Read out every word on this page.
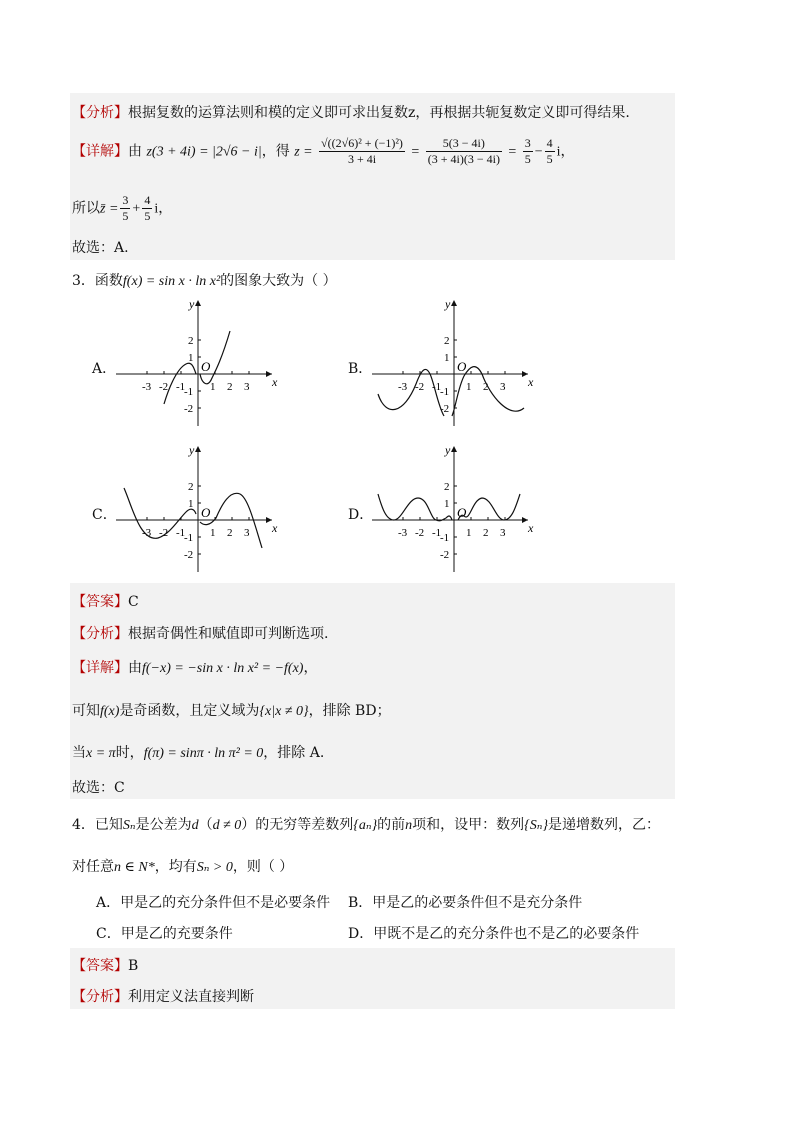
【分析】根据复数的运算法则和模的定义即可求出复数z，再根据共轭复数定义即可得结果.
【详解】由 z(3 + 4i) = |2√6 − i|，得 $z = \frac{\text{√((2√6)² + (−1)²)}}{3 + 4i} = \frac{5(3 - 4i)}{(3 + 4i)(3 - 4i)} = \frac{3}{5} - \frac{4}{5}$ i，
所以z̄ = $\frac{3}{5} + \frac{4}{5}$ i，
故选：A.
3．函数f(x) = sin x · ln x²的图象大致为（ ）
A．
y
x
O
-3 -2 -1 1 2 3
2
1
-1
-2
B．
y
x
O
-3 -2 -1 1 2 3
2
1
-1
-2
C．
y
x
O
-3 -2 -1 1 2 3
2
1
-1
-2
D．
y
x
O
-3 -2 -1 1 2 3
2
1
-1
-2
【答案】C
【分析】根据奇偶性和赋值即可判断选项.
【详解】由f(−x) = −sin x · ln x² = −f(x)，
可知f(x)是奇函数，且定义域为{x|x ≠ 0}，排除 BD；
当x = π时，f(π) = sinπ · ln π² = 0，排除 A.
故选：C
4．已知Sₙ是公差为d（d ≠ 0）的无穷等差数列{aₙ}的前n项和，设甲：数列{Sₙ}是递增数列，乙：
对任意n ∈ N*，均有Sₙ > 0，则（ ）
A．甲是乙的充分条件但不是必要条件 B．甲是乙的必要条件但不是充分条件
C．甲是乙的充要条件	D．甲既不是乙的充分条件也不是乙的必要条件
【答案】B
【分析】利用定义法直接判断
